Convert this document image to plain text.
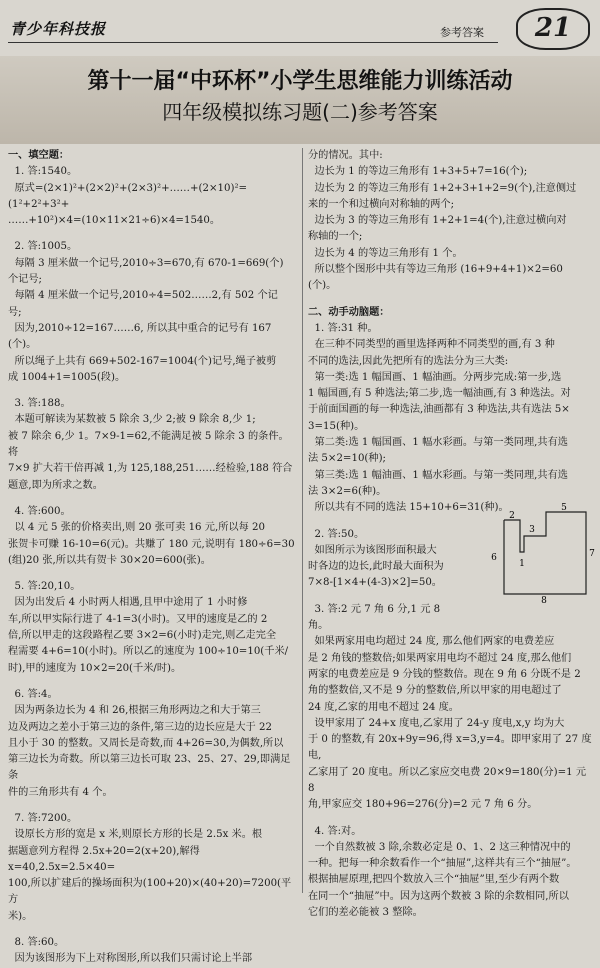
青少年科技报	参考答案	21
第十一届“中环杯”小学生思维能力训练活动
四年级模拟练习题(二)参考答案

一、填空题：

1. 答:1540。

原式=(2×1)²+(2×2)²+(2×3)²+……+(2×10)²=(1²+2²+3²+

……+10²)×4=(10×11×21÷6)×4=1540。

2. 答:1005。

每隔 3 厘米做一个记号,2010÷3=670,有 670-1=669(个)

个记号;

每隔 4 厘米做一个记号,2010÷4=502……2,有 502 个记

号;

因为,2010÷12=167……6, 所以其中重合的记号有 167

(个)。

所以绳子上共有 669+502-167=1004(个)记号,绳子被剪

成 1004+1=1005(段)。

3. 答:188。

本题可解读为某数被 5 除余 3,少 2;被 9 除余 8,少 1;

被 7 除余 6,少 1。7×9-1=62,不能满足被 5 除余 3 的条件。将

7×9 扩大若干倍再减 1,为 125,188,251……经检验,188 符合

题意,即为所求之数。

4. 答:600。

以 4 元 5 张的价格卖出,则 20 张可卖 16 元,所以每 20

张贺卡可赚 16-10=6(元)。共赚了 180 元,说明有 180÷6=30

(组)20 张,所以共有贺卡 30×20=600(张)。

5. 答:20,10。

因为出发后 4 小时两人相遇,且甲中途用了 1 小时修

车,所以甲实际行进了 4-1=3(小时)。又甲的速度是乙的 2

倍,所以甲走的这段路程乙要 3×2=6(小时)走完,则乙走完全

程需要 4+6=10(小时)。所以乙的速度为 100÷10=10(千米/

时),甲的速度为 10×2=20(千米/时)。

6. 答:4。

因为两条边长为 4 和 26,根据三角形两边之和大于第三

边及两边之差小于第三边的条件,第三边的边长应是大于 22

且小于 30 的整数。又周长是奇数,而 4+26=30,为偶数,所以

第三边长为奇数。所以第三边长可取 23、25、27、29,即满足条

件的三角形共有 4 个。

7. 答:7200。

设原长方形的宽是 x 米,则原长方形的长是 2.5x 米。根

据题意列方程得 2.5x+20=2(x+20),解得 x=40,2.5x=2.5×40=

100,所以扩建后的操场面积为(100+20)×(40+20)=7200(平方

米)。

8. 答:60。

因为该图形为下上对称图形,所以我们只需讨论上半部

分的情况。其中:

边长为 1 的等边三角形有 1+3+5+7=16(个);

边长为 2 的等边三角形有 1+2+3+1+2=9(个),注意侧过

来的一个和过横向对称轴的两个;

边长为 3 的等边三角形有 1+2+1=4(个),注意过横向对

称轴的一个;

边长为 4 的等边三角形有 1 个。

所以整个图形中共有等边三角形 (16+9+4+1)×2=60

(个)。

二、动手动脑题：

1. 答:31 种。

在三种不同类型的画里选择两种不同类型的画,有 3 种

不同的选法,因此先把所有的选法分为三大类:

第一类:选 1 幅国画、1 幅油画。分两步完成:第一步,选

1 幅国画,有 5 种选法;第二步,选一幅油画,有 3 种选法。对

于前面国画的每一种选法,油画都有 3 种选法,共有选法 5×

3=15(种)。

第二类:选 1 幅国画、1 幅水彩画。与第一类同理,共有选

法 5×2=10(种);

第三类:选 1 幅油画、1 幅水彩画。与第一类同理,共有选

法 3×2=6(种)。

所以共有不同的选法 15+10+6=31(种)。

2. 答:50。

如图所示为该图形面积最大

时各边的边长,此时最大面积为

7×8-[1×4+(4-3)×2]=50。

3. 答:2 元 7 角 6 分,1 元 8

角。

如果两家用电均超过 24 度, 那么他们两家的电费差应

是 2 角钱的整数倍;如果两家用电均不超过 24 度,那么他们

两家的电费差应是 9 分钱的整数倍。现在 9 角 6 分既不是 2

角的整数倍,又不是 9 分的整数倍,所以甲家的用电超过了

24 度,乙家的用电不超过 24 度。

设甲家用了 24+x 度电,乙家用了 24-y 度电,x,y 均为大

于 0 的整数,有 20x+9y=96,得 x=3,y=4。即甲家用了 27 度电,

乙家用了 20 度电。所以乙家应交电费 20×9=180(分)=1 元 8

角,甲家应交 180+96=276(分)=2 元 7 角 6 分。

4. 答:对。

一个自然数被 3 除,余数必定是 0、1、2 这三种情况中的

一种。把每一种余数看作一个“抽屉”,这样共有三个“抽屉”。

根据抽屉原理,把四个数放入三个“抽屉”里,至少有两个数

在同一个“抽屉”中。因为这两个数被 3 除的余数相同,所以

它们的差必能被 3 整除。

5
2
3
6
1
7
8
